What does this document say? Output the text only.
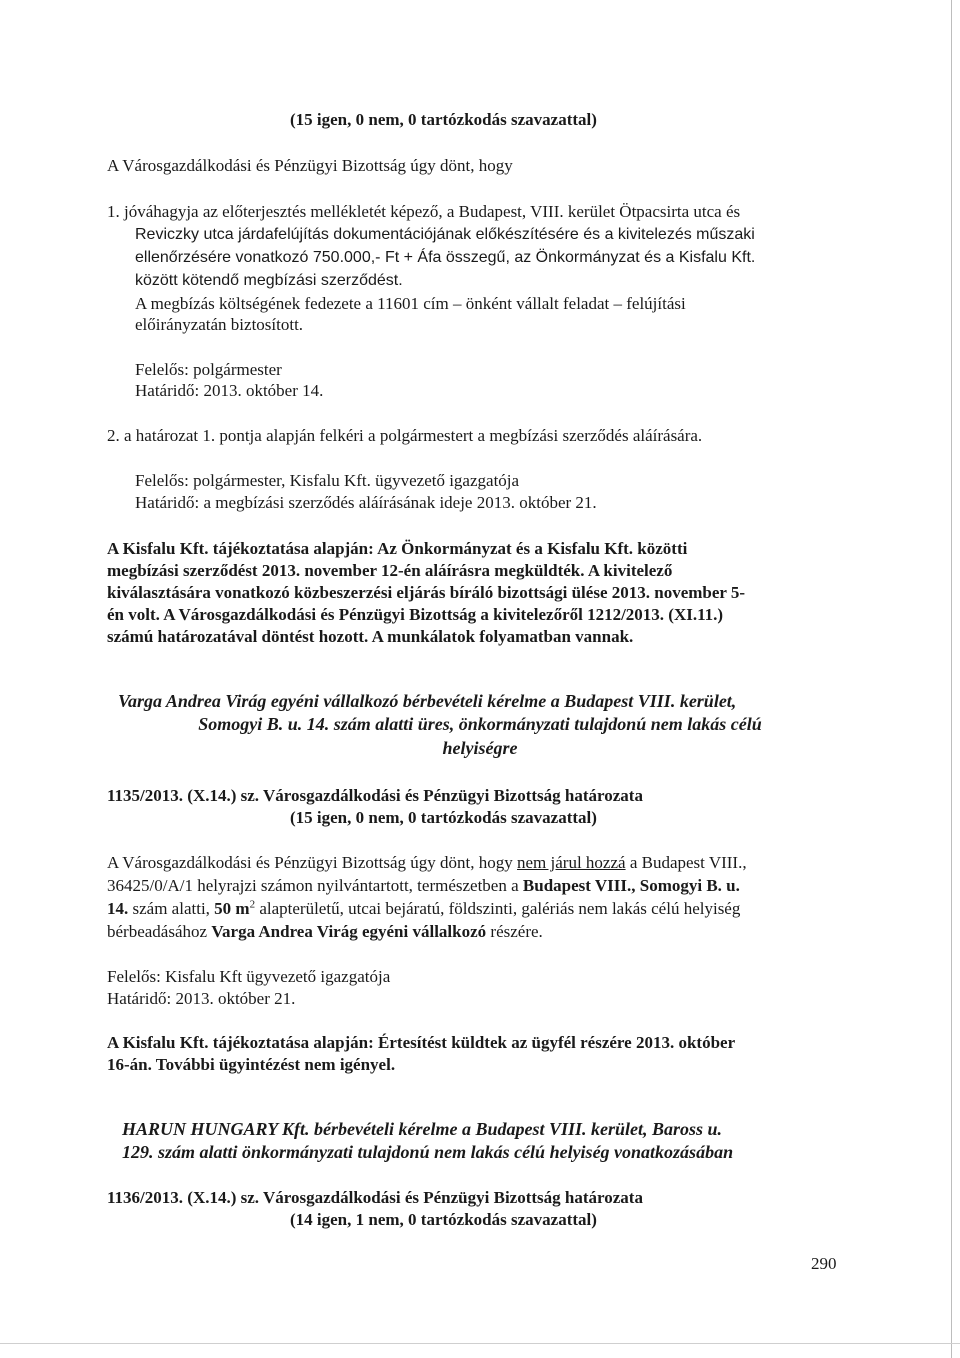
(15 igen, 0 nem, 0 tartózkodás szavazattal)
A Városgazdálkodási és Pénzügyi Bizottság úgy dönt, hogy
1. jóváhagyja az előterjesztés mellékletét képező, a Budapest, VIII. kerület Ötpacsirta utca és
Reviczky utca járdafelújítás dokumentációjának előkészítésére és a kivitelezés műszaki
ellenőrzésére vonatkozó 750.000,- Ft + Áfa összegű, az Önkormányzat és a Kisfalu Kft.
között kötendő megbízási szerződést.
A megbízás költségének fedezete a 11601 cím – önként vállalt feladat – felújítási
előirányzatán biztosított.
Felelős: polgármester
Határidő: 2013. október 14.
2. a határozat 1. pontja alapján felkéri a polgármestert a megbízási szerződés aláírására.
Felelős: polgármester, Kisfalu Kft. ügyvezető igazgatója
Határidő: a megbízási szerződés aláírásának ideje 2013. október 21.
A Kisfalu Kft. tájékoztatása alapján: Az Önkormányzat és a Kisfalu Kft. közötti
megbízási szerződést 2013. november 12-én aláírásra megküldték. A kivitelező
kiválasztására vonatkozó közbeszerzési eljárás bíráló bizottsági ülése 2013. november 5-
én volt. A Városgazdálkodási és Pénzügyi Bizottság a kivitelezőről 1212/2013. (XI.11.)
számú határozatával döntést hozott. A munkálatok folyamatban vannak.
Varga Andrea Virág egyéni vállalkozó bérbevételi kérelme a Budapest VIII. kerület,
Somogyi B. u. 14. szám alatti üres, önkormányzati tulajdonú nem lakás célú
helyiségre
1135/2013. (X.14.) sz. Városgazdálkodási és Pénzügyi Bizottság határozata
(15 igen, 0 nem, 0 tartózkodás szavazattal)
A Városgazdálkodási és Pénzügyi Bizottság úgy dönt, hogy nem járul hozzá a Budapest VIII.,
36425/0/A/1 helyrajzi számon nyilvántartott, természetben a Budapest VIII., Somogyi B. u.
14. szám alatti, 50 $m^2$ alapterületű, utcai bejáratú, földszinti, galériás nem lakás célú helyiség
bérbeadásához Varga Andrea Virág egyéni vállalkozó részére.
Felelős: Kisfalu Kft ügyvezető igazgatója
Határidő: 2013. október 21.
A Kisfalu Kft. tájékoztatása alapján: Értesítést küldtek az ügyfél részére 2013. október
16-án. További ügyintézést nem igényel.
HARUN HUNGARY Kft. bérbevételi kérelme a Budapest VIII. kerület, Baross u.
129. szám alatti önkormányzati tulajdonú nem lakás célú helyiség vonatkozásában
1136/2013. (X.14.) sz. Városgazdálkodási és Pénzügyi Bizottság határozata
(14 igen, 1 nem, 0 tartózkodás szavazattal)
290
